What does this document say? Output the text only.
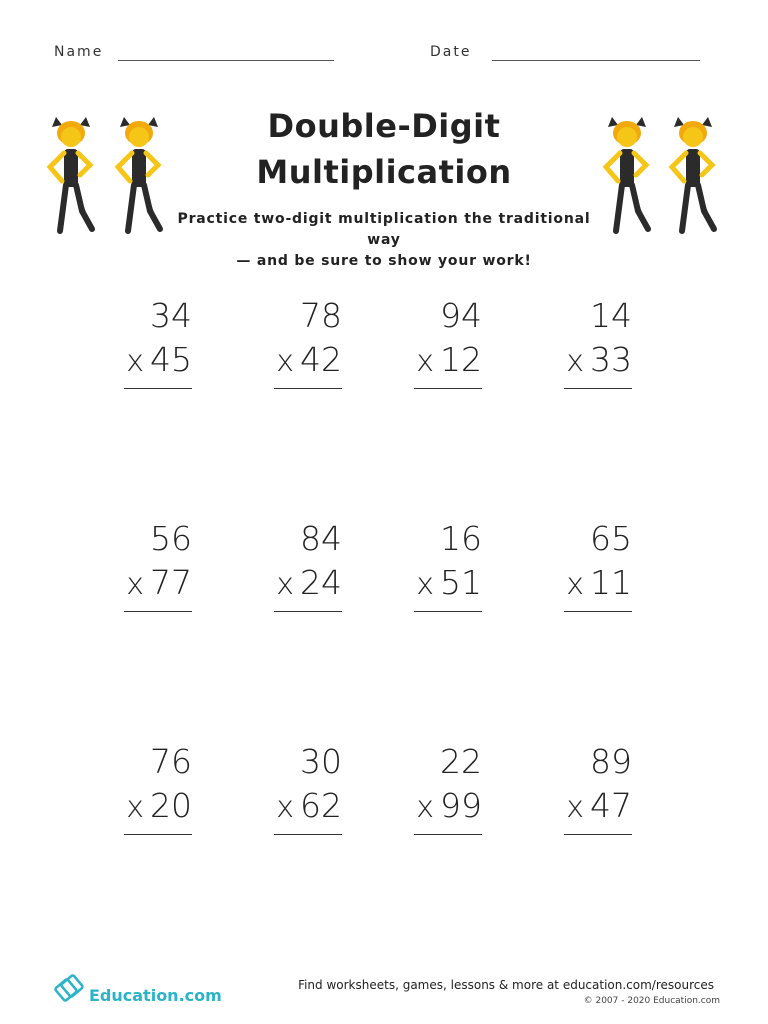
Name	Date
Double-Digit
Multiplication
Practice two-digit multiplication the traditional way
— and be sure to show your work!
34
x 45
78
x 42
94
x 12
14
x 33
56
x 77
84
x 24
16
x 51
65
x 11
76
x 20
30
x 62
22
x 99
89
x 47
Education.com
Find worksheets, games, lessons & more at education.com/resources
© 2007 - 2020 Education.com
